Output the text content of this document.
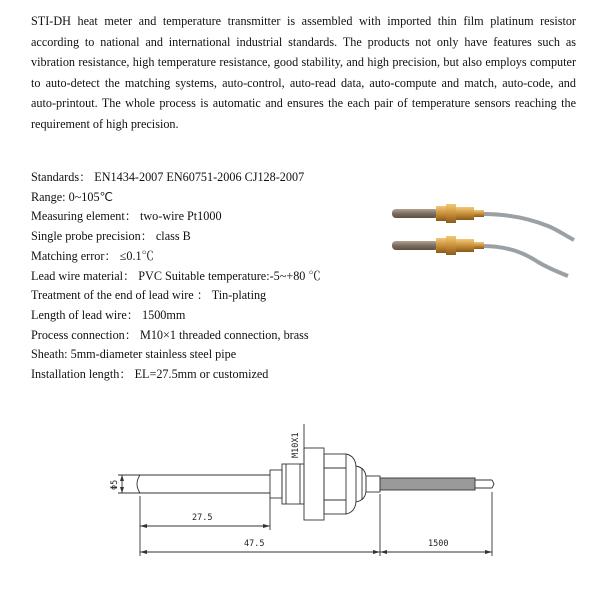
STI-DH heat meter and temperature transmitter is assembled with imported thin film platinum resistor according to national and international industrial standards. The products not only have features such as vibration resistance, high temperature resistance, good stability, and high precision, but also employs computer to auto-detect the matching systems, auto-control, auto-read data, auto-compute and match, auto-code, and auto-printout. The whole process is automatic and ensures the each pair of temperature sensors reaching the requirement of high precision.

Standards： EN1434-2007 EN60751-2006 CJ128-2007
Range: 0~105℃
Measuring element： two-wire Pt1000
Single probe precision： class B
Matching error： ≤0.1℃
Lead wire material： PVC Suitable temperature:-5~+80 ℃
Treatment of the end of lead wire ： Tin-plating
Length of lead wire： 1500mm
Process connection： M10×1 threaded connection, brass
Sheath: 5mm-diameter stainless steel pipe
Installation length： EL=27.5mm or customized
M10X1
Φ5
27.5
47.5	1500
